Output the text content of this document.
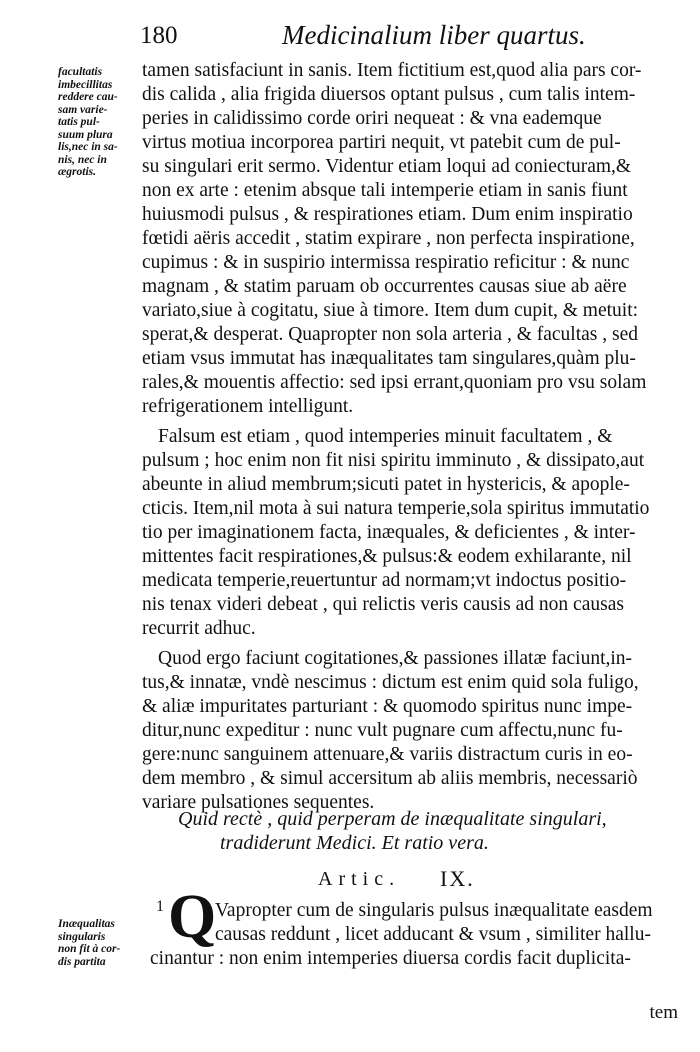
180	Medicinalium liber quartus.
facultatis
imbecillitas
reddere cau-
sam varie-
tatis pul-
suum plura
lis,nec in sa-
nis, nec in
ægrotis.
tamen satisfaciunt in sanis. Item fictitium est,quod alia pars cor-
dis calida , alia frigida diuersos optant pulsus , cum talis intem-
peries in calidissimo corde oriri nequeat : & vna eademque
virtus motiua incorporea partiri nequit, vt patebit cum de pul-
su singulari erit sermo. Videntur etiam loqui ad coniecturam,&
non ex arte : etenim absque tali intemperie etiam in sanis fiunt
huiusmodi pulsus , & respirationes etiam. Dum enim inspiratio
fœtidi aëris accedit , statim expirare , non perfecta inspiratione,
cupimus : & in suspirio intermissa respiratio reficitur : & nunc
magnam , & statim paruam ob occurrentes causas siue ab aëre
variato,siue à cogitatu, siue à timore. Item dum cupit, & metuit:
sperat,& desperat. Quapropter non sola arteria , & facultas , sed
etiam vsus immutat has inæqualitates tam singulares,quàm plu-
rales,& mouentis affectio: sed ipsi errant,quoniam pro vsu solam
refrigerationem intelligunt.
Falsum est etiam , quod intemperies minuit facultatem , &
pulsum ; hoc enim non fit nisi spiritu imminuto , & dissipato,aut
abeunte in aliud membrum;sicuti patet in hystericis, & apople-
cticis. Item,nil mota à sui natura temperie,sola spiritus immutatio
tio per imaginationem facta, inæquales, & deficientes , & inter-
mittentes facit respirationes,& pulsus:& eodem exhilarante, nil
medicata temperie,reuertuntur ad normam;vt indoctus positio-
nis tenax videri debeat , qui relictis veris causis ad non causas
recurrit adhuc.
Quod ergo faciunt cogitationes,& passiones illatæ faciunt,in-
tus,& innatæ, vndè nescimus : dictum est enim quid sola fuligo,
& aliæ impuritates parturiant : & quomodo spiritus nunc impe-
ditur,nunc expeditur : nunc vult pugnare cum affectu,nunc fu-
gere:nunc sanguinem attenuare,& variis distractum curis in eo-
dem membro , & simul accersitum ab aliis membris, necessariò
variare pulsationes sequentes.
Quid rectè , quid perperam de inæqualitate singulari,
tradiderunt Medici. Et ratio vera.
Artic. IX.
Inæqualitas
singularis
non fit à cor-
dis partita
1 Q
Vapropter cum de singularis pulsus inæqualitate easdem
causas reddunt , licet adducant & vsum , similiter hallu-
cinantur : non enim intemperies diuersa cordis facit duplicita-
tem
